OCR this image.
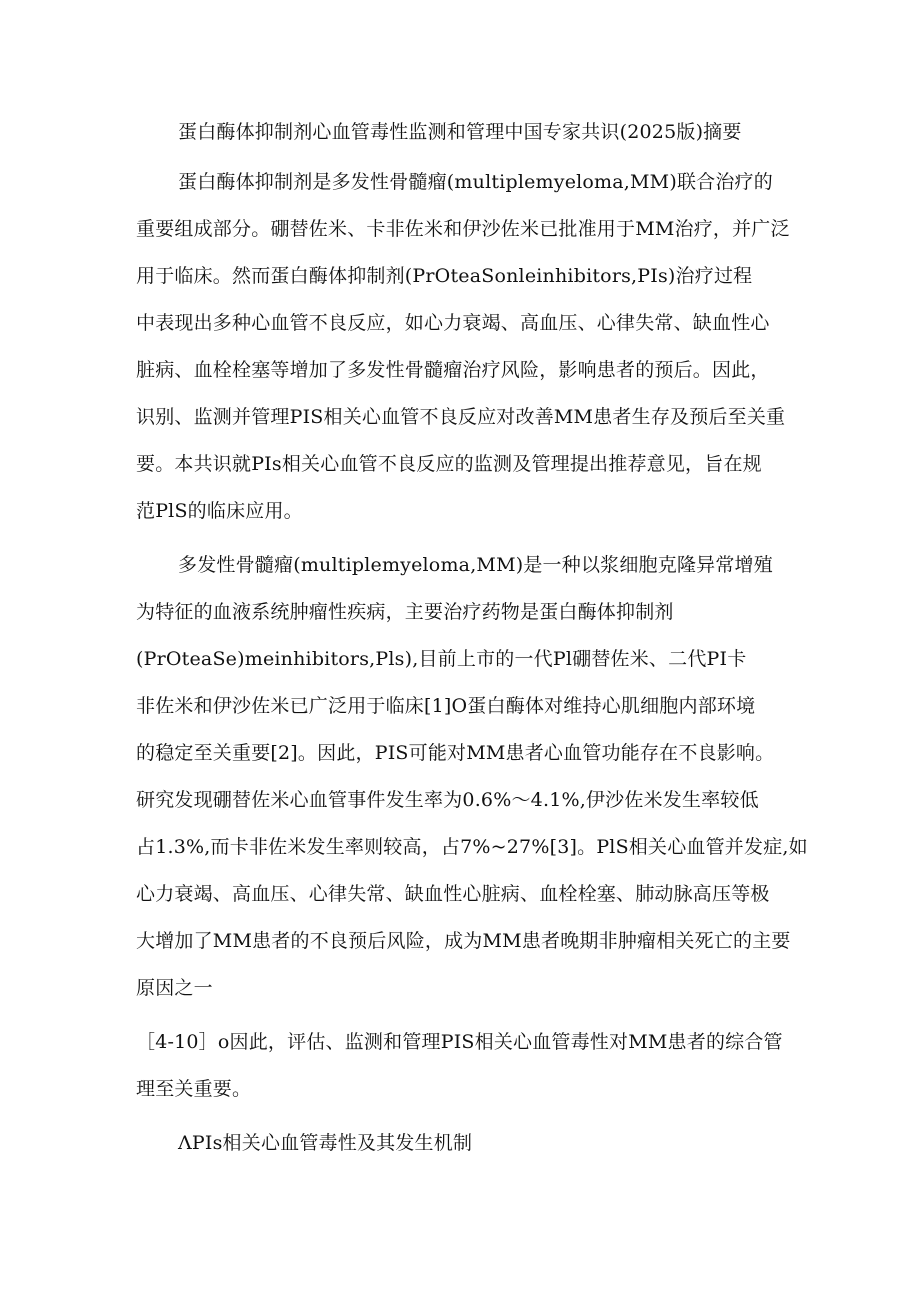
蛋白酶体抑制剂心血管毒性监测和管理中国专家共识(2025版)摘要
蛋白酶体抑制剂是多发性骨髓瘤(multiplemyeloma,MM)联合治疗的
重要组成部分。硼替佐米、卡非佐米和伊沙佐米已批准用于MM治疗，并广泛
用于临床。然而蛋白酶体抑制剂(PrOteaSonleinhibitors,PIs)治疗过程
中表现出多种心血管不良反应，如心力衰竭、高血压、心律失常、缺血性心
脏病、血栓栓塞等增加了多发性骨髓瘤治疗风险，影响患者的预后。因此，
识别、监测并管理PIS相关心血管不良反应对改善MM患者生存及预后至关重
要。本共识就PIs相关心血管不良反应的监测及管理提出推荐意见，旨在规
范PlS的临床应用。
多发性骨髓瘤(multiplemyeloma,MM)是一种以浆细胞克隆异常增殖
为特征的血液系统肿瘤性疾病，主要治疗药物是蛋白酶体抑制剂
(PrOteaSe)meinhibitors,Pls),目前上市的一代Pl硼替佐米、二代PI卡
非佐米和伊沙佐米已广泛用于临床[1]O蛋白酶体对维持心肌细胞内部环境
的稳定至关重要[2]。因此，PIS可能对MM患者心血管功能存在不良影响。
研究发现硼替佐米心血管事件发生率为0.6%～4.1%,伊沙佐米发生率较低
占1.3%,而卡非佐米发生率则较高，占7%~27%[3]。PlS相关心血管并发症,如
心力衰竭、高血压、心律失常、缺血性心脏病、血栓栓塞、肺动脉高压等极
大增加了MM患者的不良预后风险，成为MM患者晚期非肿瘤相关死亡的主要
原因之一
［4-10］o因此，评估、监测和管理PIS相关心血管毒性对MM患者的综合管
理至关重要。
ΛPIs相关心血管毒性及其发生机制
